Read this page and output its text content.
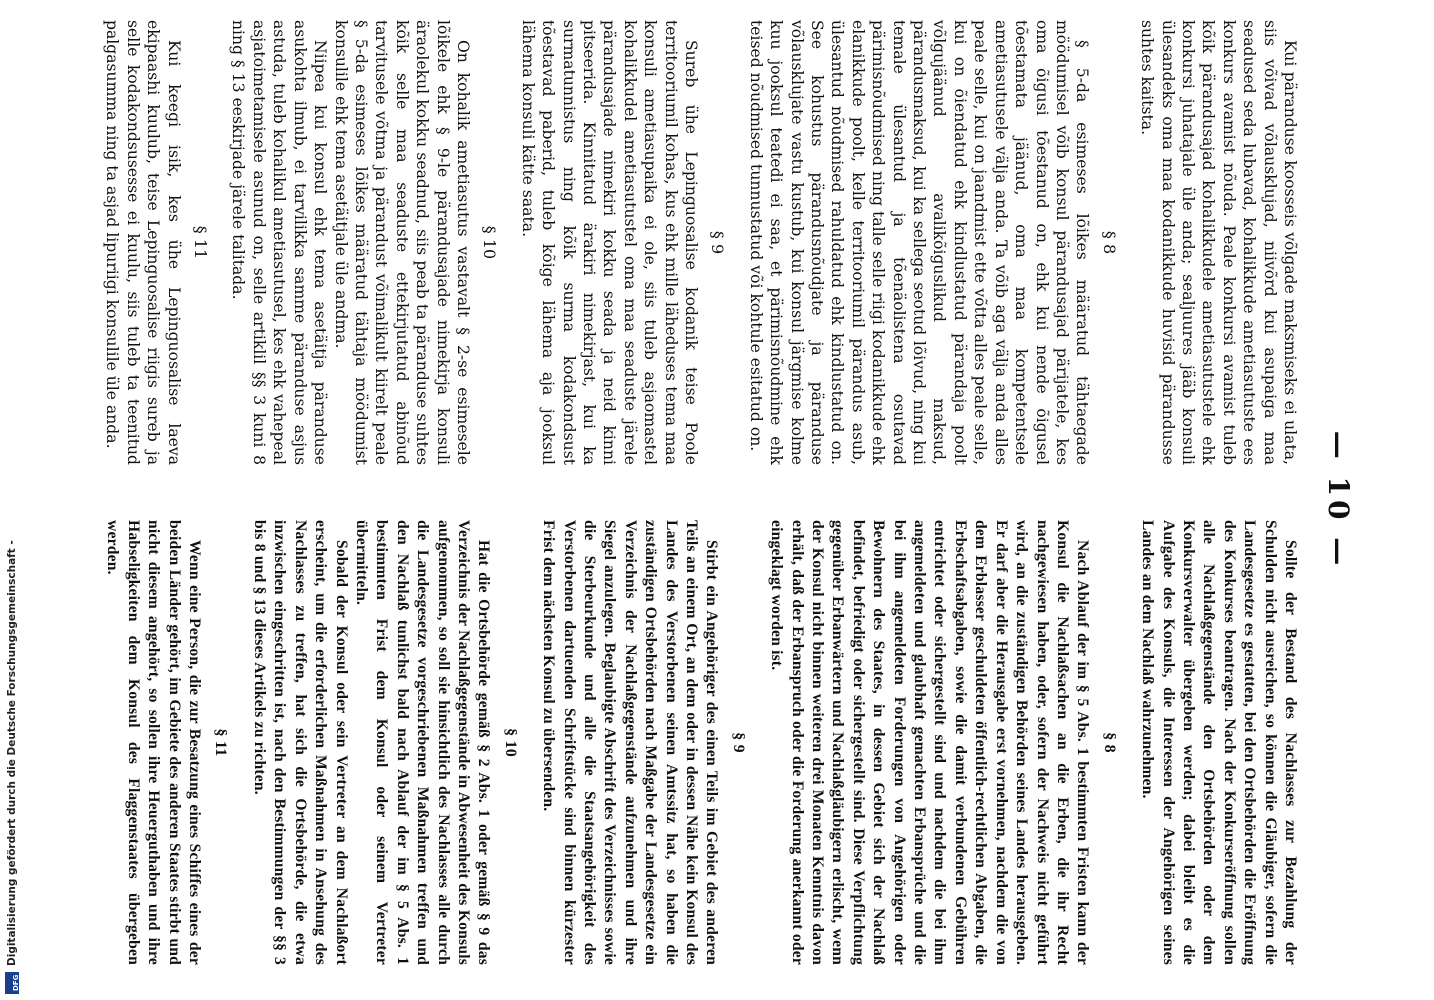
DFG
Digitalisierung gefördert durch die Deutsche Forschungsgemeinschaft -
— 10 —

Kui päranduse koosseis võlgade maksmiseks ei ulata, siis võivad võlausklujad, niivõrd kui asupaiga maa seadused seda lubavad, kohalikkude ametiasutuste ees konkurs avamist nõuda. Peale konkursi avamist tuleb kõik pärandusajad kohalikkudele ametiasutustele ehk konkursi juhatajale üle anda; sealjuures jääb konsuli ülesandeks oma maa kodanikkude huvisid pärandusse suhtes kaitsta.

§ 8

§ 5-da esimeses lõikes määratud tähtaegade möödumisel võib konsul pärandusajad pärijatele, kes oma õigusi tõestanud on, ehk kui nende õigusel tõestamata jäänud, oma maa kompetentsele ametiasutusele välja anda. Ta võib aga välja anda alles peale selle, kui on jaandmist ette võtta alles peale selle, kui on õiendatud ehk kindlustatud pärandaja poolt võlgujäänud avalikõiguslikud maksud, pärandusmaksud, kui ka sellega seotud lõivud, ning kui temale ülesantud ja tõenäolistena osutavad pärimisnõudmised ning talle selle riigi kodanikkude ehk elanikkude poolt, kelle territooriumil pärandus asub, ülesantud nõudmised rahuldatud ehk kindlustatud on. See kohustus pärandusnõudjate ja päranduse võlausklujate vastu kustub, kui konsul järgmise kolme kuu jooksul teatedi ei saa, et pärimisnõudmine ehk teised nõudmised tunnustatud või kohtule esitatud on.

§ 9

Sureb ühe Lepinguosalise kodanik teise Poole territooriumil kohas, kus ehk mille läheduses tema maa konsuli ametiasupaika ei ole, siis tuleb asjaomastel kohalikkudel ametiasutustel oma maa seaduste järele pärandusajade nimekiri kokku seada ja neid kinni pitseerida. Kinnitatud ärakiri nimekirjast, kui ka surmatunnistus ning kõik surma kodakondsust tõestavad paberid, tuleb kõige lähema aja jooksul lähema konsuli kätte saata.

§ 10

On kohalik ametiasutus vastavalt § 2-se esimesele lõikele ehk § 9-le pärandusajade nimekirja konsuli äraolekul kokku seadnud, siis peab ta päranduse suhtes kõik selle maa seaduste ettekirjutatud abinõud tarvitusele võtma ja pärandust võimalikult kiirelt peale § 5-da esimeses lõikes määratud tähtaja möödumist konsulile ehk tema asetäitjale üle andma.

Niipea kui konsul ehk tema asetäitja päranduse asukohta ilmub, ei tarvilikka samme päranduse asjus astuda, tuleb kohalikul ametiasutusel, kes ehk vahepeal asjatoimetamisele asunud on, selle artiklil §§ 3 kuni 8 ning § 13 eeskirjade järele talitada.

§ 11

Kui keegi isik, kes ühe Lepinguosalise laeva ekipaashi kuulub, teise Lepinguosalise riigis sureb ja selle kodakondsusesse ei kuulu, siis tuleb ta teenitud palgasumma ning ta asjad lipuriigi konsulile üle anda.

Sollte der Bestand des Nachlasses zur Bezahlung der Schulden nicht ausreichen, so können die Gläubiger, sofern die Landesgesetze es gestatten, bei den Ortsbehörden die Eröffnung des Konkurses beantragen. Nach der Konkurseröffnung sollen alle Nachlaßgegenstände den Ortsbehörden oder dem Konkursverwalter übergeben werden; dabei bleibt es die Aufgabe des Konsuls, die Interessen der Angehörigen seines Landes an dem Nachlaß wahrzunehmen.

§ 8

Nach Ablauf der im § 5 Abs. 1 bestimmten Fristen kann der Konsul die Nachlaßsachen an die Erben, die ihr Recht nachgewiesen haben, oder, sofern der Nachweis nicht geführt wird, an die zuständigen Behörden seines Landes herausgeben. Er darf aber die Herausgabe erst vornehmen, nachdem die von dem Erblasser geschuldeten öffentlich-rechtlichen Abgaben, die Erbschaftsabgaben, sowie die damit verbundenen Gebühren entrichtet oder sichergestellt sind und nachdem die bei ihm angemeldeten und glaubhaft gemachten Erbansprüche und die bei ihm angemeldeten Forderungen von Angehörigen oder Bewohnern des Staates, in dessen Gebiet sich der Nachlaß befindet, befriedigt oder sichergestellt sind. Diese Verpflichtung gegenüber Erbanwärtern und Nachlaßgläubigern erlischt, wenn der Konsul nicht binnen weiteren drei Monaten Kenntnis davon erhält, daß der Erbanspruch oder die Forderung anerkannt oder eingeklagt worden ist.

§ 9

Stirbt ein Angehöriger des einen Teils im Gebiet des anderen Teils an einem Ort, an dem oder in dessen Nähe kein Konsul des Landes des Verstorbenen seinen Amtssitz hat, so haben die zuständigen Ortsbehörden nach Maßgabe der Landesgesetze ein Verzeichnis der Nachlaßgegenstände aufzunehmen und ihre Siegel anzulegen. Beglaubigte Abschrift des Verzeichnisses sowie die Sterbeurkunde und alle die Staatsangehörigkeit des Verstorbenen dartuenden Schriftstücke sind binnen kürzester Frist dem nächsten Konsul zu übersenden.

§ 10

Hat die Ortsbehörde gemäß § 2 Abs. 1 oder gemäß § 9 das Verzeichnis der Nachlaßgegenstände in Abwesenheit des Konsuls aufgenommen, so soll sie hinsichtlich des Nachlasses alle durch die Landesgesetze vorgeschriebenen Maßnahmen treffen und den Nachlaß tunlichst bald nach Ablauf der im § 5 Abs. 1 bestimmten Frist dem Konsul oder seinem Vertreter übermitteln.

Sobald der Konsul oder sein Vertreter an dem Nachlaßort erscheint, um die erforderlichen Maßnahmen in Ansehung des Nachlasses zu treffen, hat sich die Ortsbehörde, die etwa inzwischen eingeschritten ist, nach den Bestimmungen der §§ 3 bis 8 und § 13 dieses Artikels zu richten.

§ 11

Wenn eine Person, die zur Besatzung eines Schiffes eines der beiden Länder gehört, im Gebiete des anderen Staates stirbt und nicht diesem angehört, so sollen ihre Heuerguthaben und ihre Habseligkeiten dem Konsul des Flaggenstaates übergeben werden.
